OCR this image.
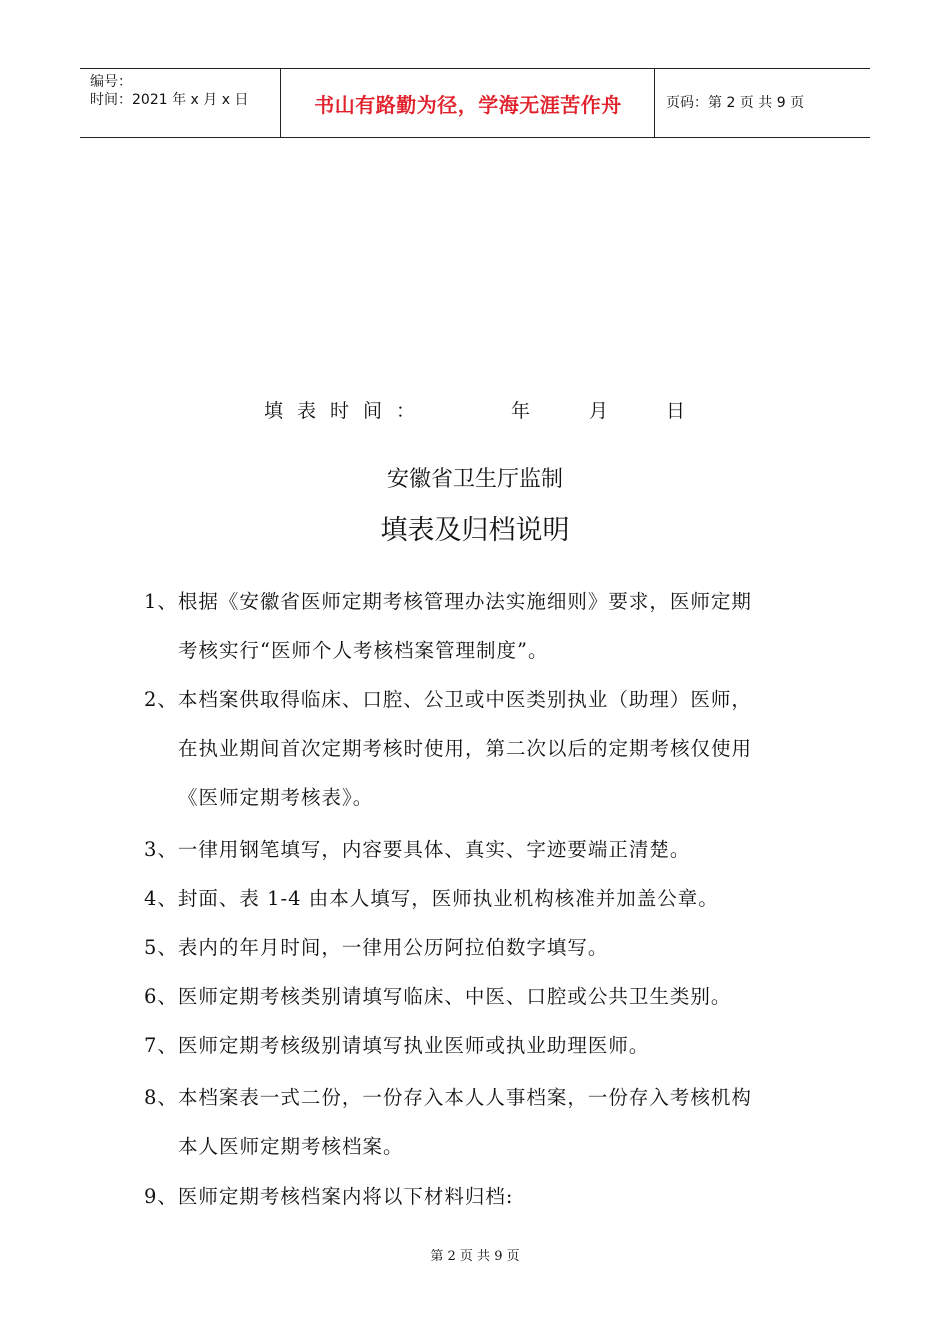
编号：
时间：2021 年 x 月 x 日	书山有路勤为径，学海无涯苦作舟	页码：第 2 页 共 9 页
填表时间：	年	月	日
安徽省卫生厅监制
填表及归档说明
1、根据《安徽省医师定期考核管理办法实施细则》要求，医师定期
考核实行“医师个人考核档案管理制度”。
2、本档案供取得临床、口腔、公卫或中医类别执业（助理）医师，
在执业期间首次定期考核时使用，第二次以后的定期考核仅使用
《医师定期考核表》。
3、一律用钢笔填写，内容要具体、真实、字迹要端正清楚。
4、封面、表 1-4 由本人填写，医师执业机构核准并加盖公章。
5、表内的年月时间，一律用公历阿拉伯数字填写。
6、医师定期考核类别请填写临床、中医、口腔或公共卫生类别。
7、医师定期考核级别请填写执业医师或执业助理医师。
8、本档案表一式二份，一份存入本人人事档案，一份存入考核机构
本人医师定期考核档案。
9、医师定期考核档案内将以下材料归档:
第 2 页 共 9 页
